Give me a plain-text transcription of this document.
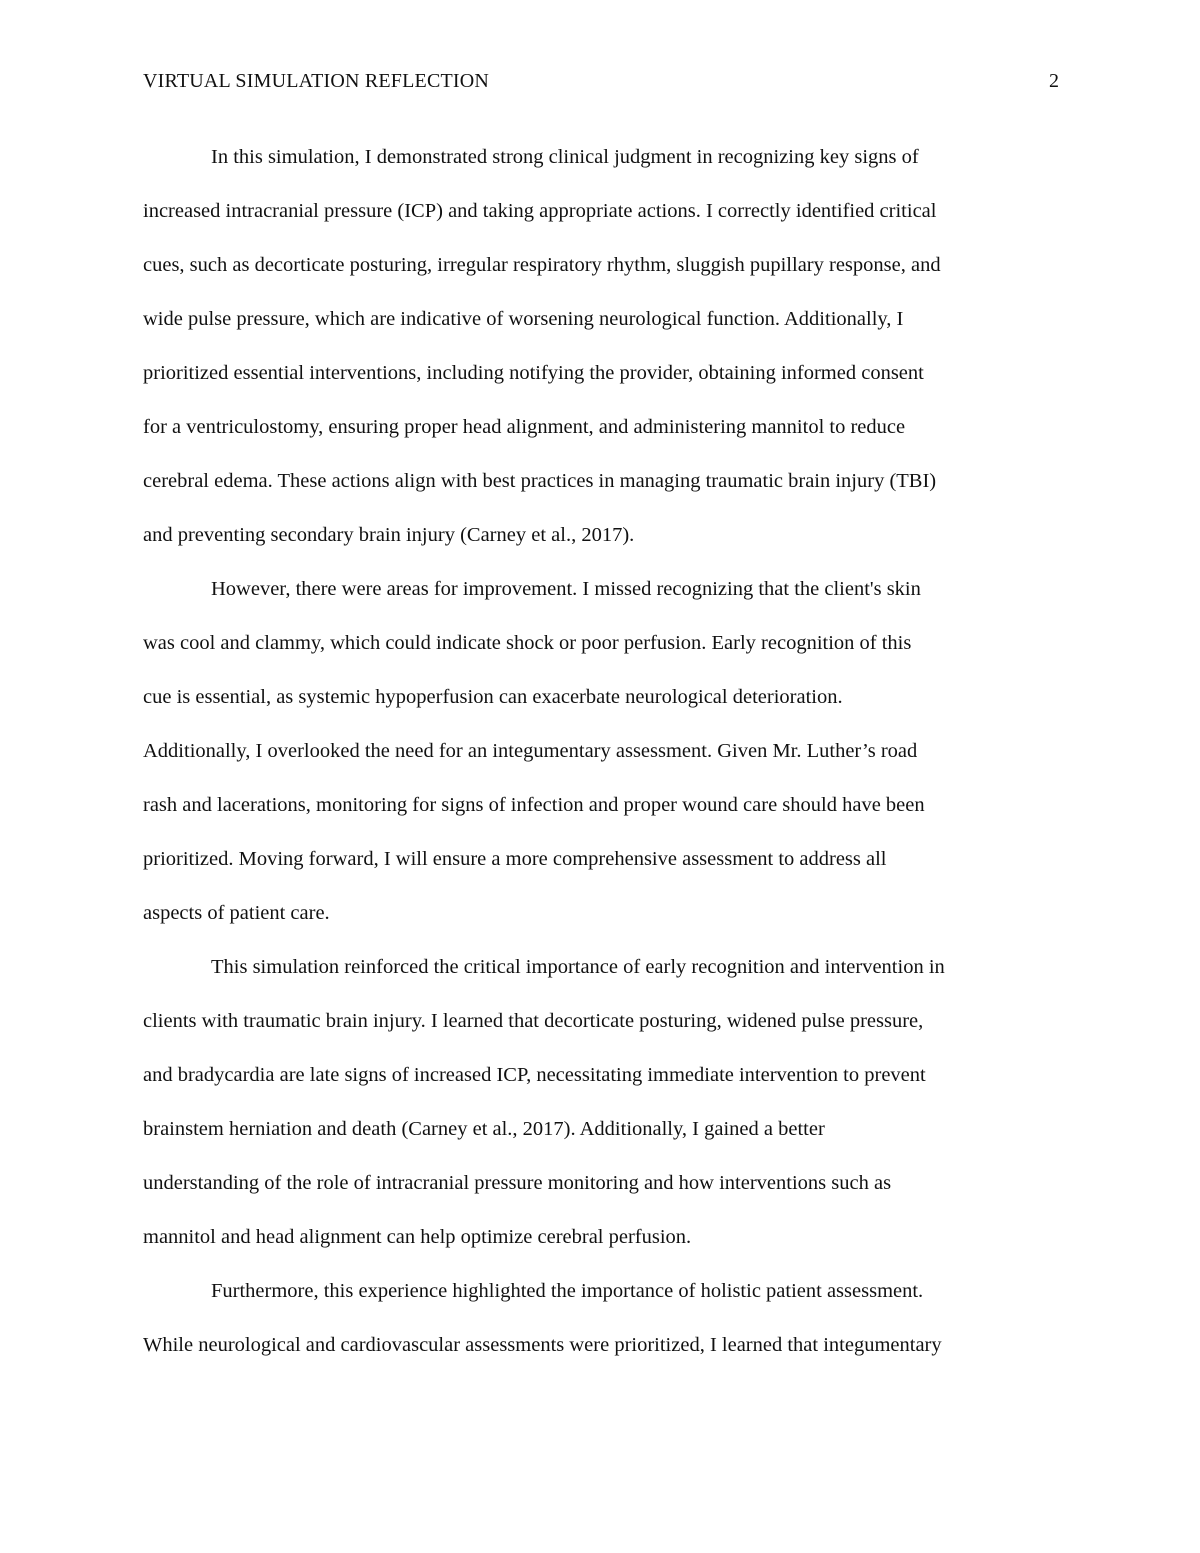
VIRTUAL SIMULATION REFLECTION	2
In this simulation, I demonstrated strong clinical judgment in recognizing key signs of
increased intracranial pressure (ICP) and taking appropriate actions. I correctly identified critical
cues, such as decorticate posturing, irregular respiratory rhythm, sluggish pupillary response, and
wide pulse pressure, which are indicative of worsening neurological function. Additionally, I
prioritized essential interventions, including notifying the provider, obtaining informed consent
for a ventriculostomy, ensuring proper head alignment, and administering mannitol to reduce
cerebral edema. These actions align with best practices in managing traumatic brain injury (TBI)
and preventing secondary brain injury (Carney et al., 2017).
However, there were areas for improvement. I missed recognizing that the client's skin
was cool and clammy, which could indicate shock or poor perfusion. Early recognition of this
cue is essential, as systemic hypoperfusion can exacerbate neurological deterioration.
Additionally, I overlooked the need for an integumentary assessment. Given Mr. Luther’s road
rash and lacerations, monitoring for signs of infection and proper wound care should have been
prioritized. Moving forward, I will ensure a more comprehensive assessment to address all
aspects of patient care.
This simulation reinforced the critical importance of early recognition and intervention in
clients with traumatic brain injury. I learned that decorticate posturing, widened pulse pressure,
and bradycardia are late signs of increased ICP, necessitating immediate intervention to prevent
brainstem herniation and death (Carney et al., 2017). Additionally, I gained a better
understanding of the role of intracranial pressure monitoring and how interventions such as
mannitol and head alignment can help optimize cerebral perfusion.
Furthermore, this experience highlighted the importance of holistic patient assessment.
While neurological and cardiovascular assessments were prioritized, I learned that integumentary
